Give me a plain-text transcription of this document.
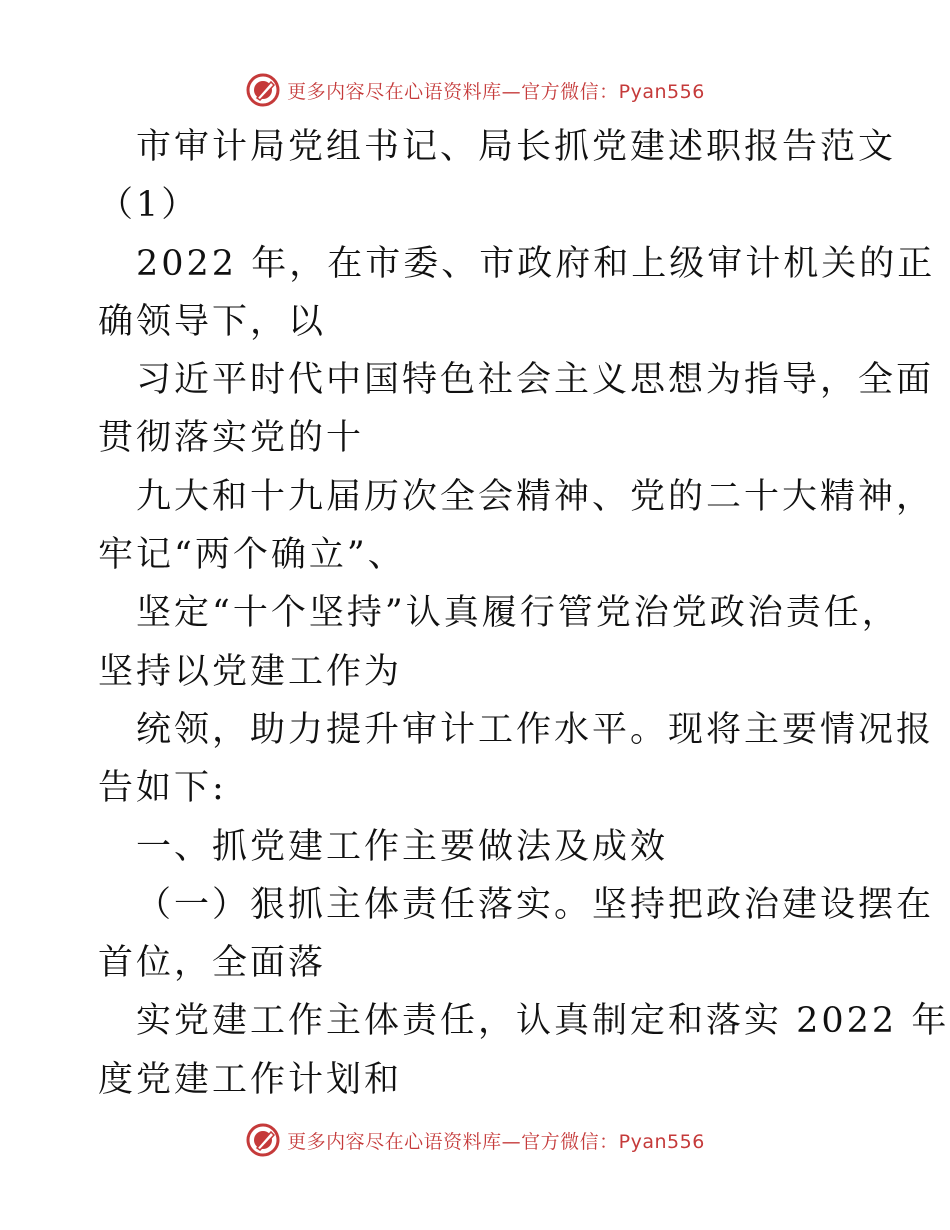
更多内容尽在心语资料库—官方微信：Pyan556
市审计局党组书记、局长抓党建述职报告范文
（1）
2022 年，在市委、市政府和上级审计机关的正
确领导下，以
习近平时代中国特色社会主义思想为指导，全面
贯彻落实党的十
九大和十九届历次全会精神、党的二十大精神，
牢记“两个确立”、
坚定“十个坚持”认真履行管党治党政治责任，
坚持以党建工作为
统领，助力提升审计工作水平。现将主要情况报
告如下:
一、抓党建工作主要做法及成效
（一）狠抓主体责任落实。坚持把政治建设摆在
首位，全面落
实党建工作主体责任，认真制定和落实 2022 年
度党建工作计划和
更多内容尽在心语资料库—官方微信：Pyan556
